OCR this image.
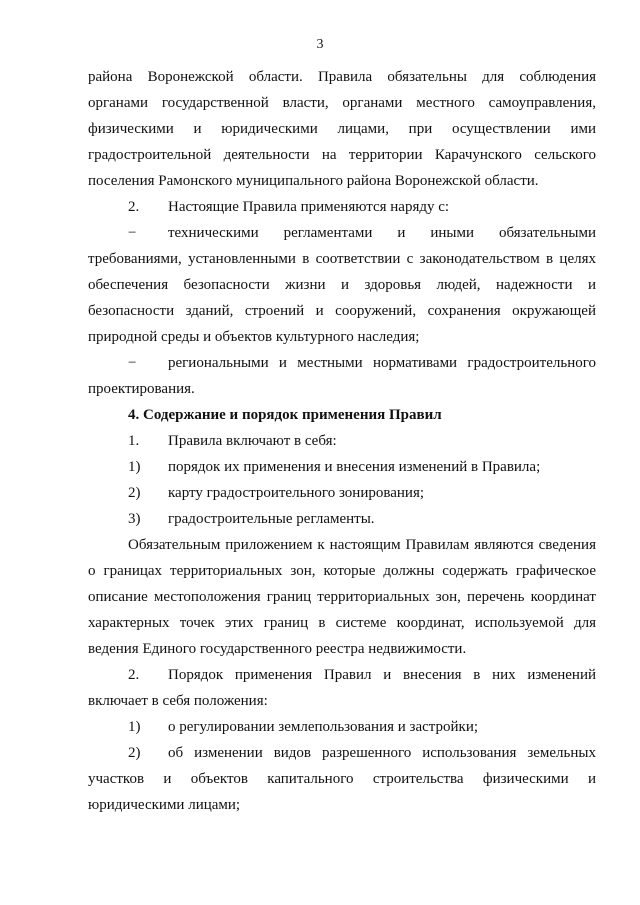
3
района Воронежской области. Правила обязательны для соблюдения
органами государственной власти, органами местного самоуправления,
физическими и юридическими лицами, при осуществлении ими
градостроительной деятельности на территории Карачунского сельского
поселения Рамонского муниципального района Воронежской области.
2. Настоящие Правила применяются наряду с:
− техническими регламентами и иными обязательными
требованиями, установленными в соответствии с законодательством в целях
обеспечения безопасности жизни и здоровья людей, надежности и
безопасности зданий, строений и сооружений, сохранения окружающей
природной среды и объектов культурного наследия;
− региональными и местными нормативами градостроительного
проектирования.
4. Содержание и порядок применения Правил
1. Правила включают в себя:
1) порядок их применения и внесения изменений в Правила;
2) карту градостроительного зонирования;
3) градостроительные регламенты.
Обязательным приложением к настоящим Правилам являются сведения
о границах территориальных зон, которые должны содержать графическое
описание местоположения границ территориальных зон, перечень координат
характерных точек этих границ в системе координат, используемой для
ведения Единого государственного реестра недвижимости.
2. Порядок применения Правил и внесения в них изменений
включает в себя положения:
1) о регулировании землепользования и застройки;
2) об изменении видов разрешенного использования земельных
участков и объектов капитального строительства физическими и
юридическими лицами;
